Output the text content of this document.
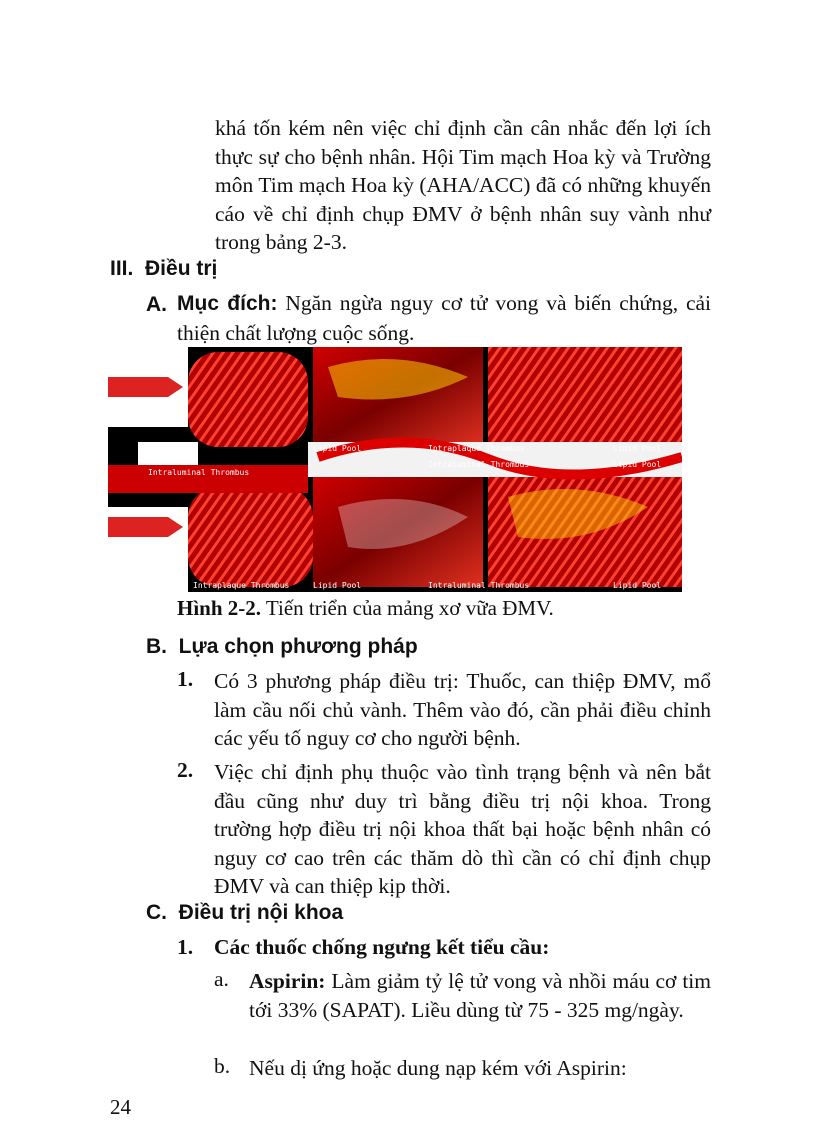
khá tốn kém nên việc chỉ định cần cân nhắc đến lợi ích thực sự cho bệnh nhân. Hội Tim mạch Hoa kỳ và Trường môn Tim mạch Hoa kỳ (AHA/ACC) đã có những khuyến cáo về chỉ định chụp ĐMV ở bệnh nhân suy vành như trong bảng 2-3.

III. Điều trị
A. Mục đích: Ngăn ngừa nguy cơ tử vong và biến chứng, cải thiện chất lượng cuộc sống.

Lipid Pool	Intraplaque Thrombus	Lipid Pool
Intraluminal Thrombus
Intraluminal Thrombus	Lipid Pool
Intraplaque Thrombus	Lipid Pool	Intraluminal Thrombus	Lipid Pool
Hình 2-2. Tiến triển của mảng xơ vữa ĐMV.
B. Lựa chọn phương pháp
1. Có 3 phương pháp điều trị: Thuốc, can thiệp ĐMV, mổ làm cầu nối chủ vành. Thêm vào đó, cần phải điều chỉnh các yếu tố nguy cơ cho người bệnh.

2. Việc chỉ định phụ thuộc vào tình trạng bệnh và nên bắt đầu cũng như duy trì bằng điều trị nội khoa. Trong trường hợp điều trị nội khoa thất bại hoặc bệnh nhân có nguy cơ cao trên các thăm dò thì cần có chỉ định chụp ĐMV và can thiệp kịp thời.

C. Điều trị nội khoa
1. Các thuốc chống ngưng kết tiểu cầu:
a. Aspirin: Làm giảm tỷ lệ tử vong và nhồi máu cơ tim tới 33% (SAPAT). Liều dùng từ 75 - 325 mg/ngày.

b. Nếu dị ứng hoặc dung nạp kém với Aspirin:

24
